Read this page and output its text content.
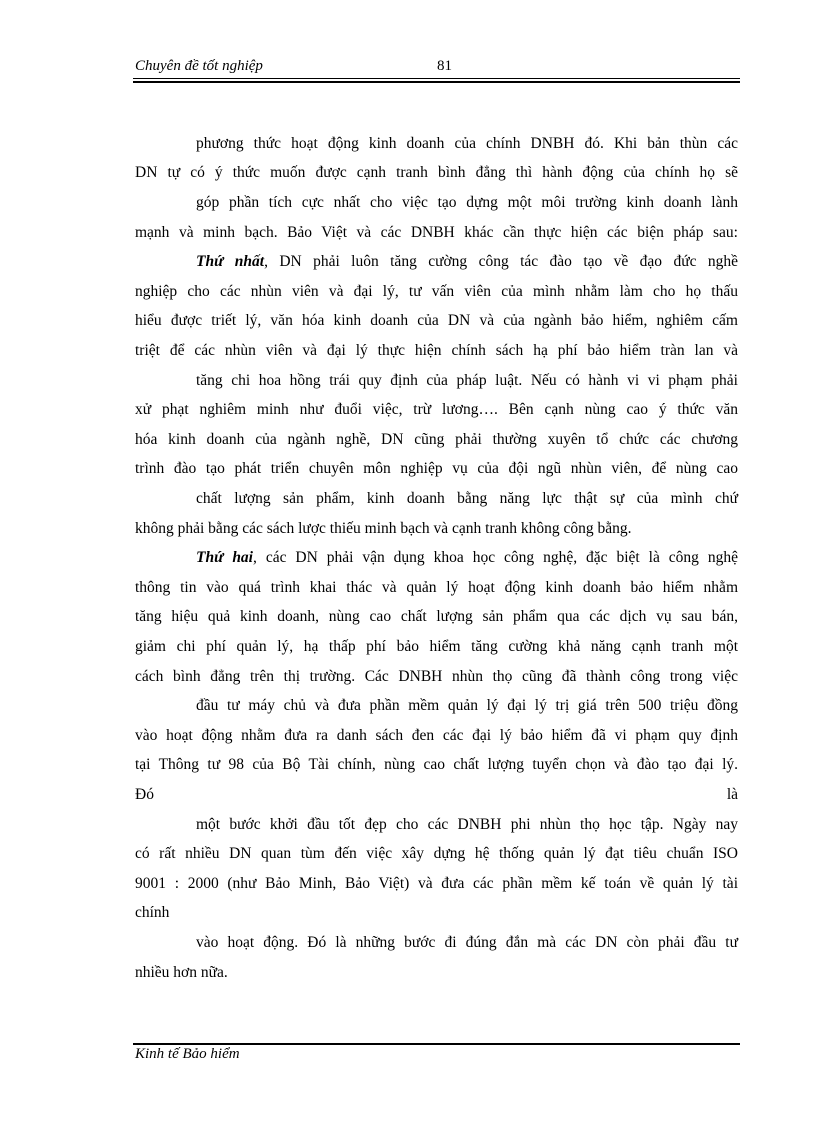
Chuyên đề tốt nghiệp	81
phương thức hoạt động kinh doanh của chính DNBH đó. Khi bản thùn các
DN tự có ý thức muốn được cạnh tranh bình đẳng thì hành động của chính họ sẽ
góp phần tích cực nhất cho việc tạo dựng một môi trường kinh doanh lành
mạnh và minh bạch. Bảo Việt và các DNBH khác cần thực hiện các biện pháp sau:
Thứ nhất, DN phải luôn tăng cường công tác đào tạo về đạo đức nghề
nghiệp cho các nhùn viên và đại lý, tư vấn viên của mình nhằm làm cho họ thấu
hiểu được triết lý, văn hóa kinh doanh của DN và của ngành bảo hiểm, nghiêm cấm
triệt để các nhùn viên và đại lý thực hiện chính sách hạ phí bảo hiểm tràn lan và
tăng chi hoa hồng trái quy định của pháp luật. Nếu có hành vi vi phạm phải
xử phạt nghiêm minh như đuổi việc, trừ lương…. Bên cạnh nùng cao ý thức văn
hóa kinh doanh của ngành nghề, DN cũng phải thường xuyên tổ chức các chương
trình đào tạo phát triển chuyên môn nghiệp vụ của đội ngũ nhùn viên, để nùng cao
chất lượng sản phẩm, kinh doanh bằng năng lực thật sự của mình chứ
không phải bằng các sách lược thiếu minh bạch và cạnh tranh không công bằng.
Thứ hai, các DN phải vận dụng khoa học công nghệ, đặc biệt là công nghệ
thông tin vào quá trình khai thác và quản lý hoạt động kinh doanh bảo hiểm nhằm
tăng hiệu quả kinh doanh, nùng cao chất lượng sản phẩm qua các dịch vụ sau bán,
giảm chi phí quản lý, hạ thấp phí bảo hiểm tăng cường khả năng cạnh tranh một
cách bình đẳng trên thị trường. Các DNBH nhùn thọ cũng đã thành công trong việc
đầu tư máy chủ và đưa phần mềm quản lý đại lý trị giá trên 500 triệu đồng
vào hoạt động nhằm đưa ra danh sách đen các đại lý bảo hiểm đã vi phạm quy định
tại Thông tư 98 của Bộ Tài chính, nùng cao chất lượng tuyển chọn và đào tạo đại lý.
Đó	là
một bước khởi đầu tốt đẹp cho các DNBH phi nhùn thọ học tập. Ngày nay
có rất nhiều DN quan tùm đến việc xây dựng hệ thống quản lý đạt tiêu chuẩn ISO
9001 : 2000 (như Bảo Minh, Bảo Việt) và đưa các phần mềm kế toán về quản lý tài
chính
vào hoạt động. Đó là những bước đi đúng đắn mà các DN còn phải đầu tư
nhiều hơn nữa.
Kinh tế Bảo hiểm
